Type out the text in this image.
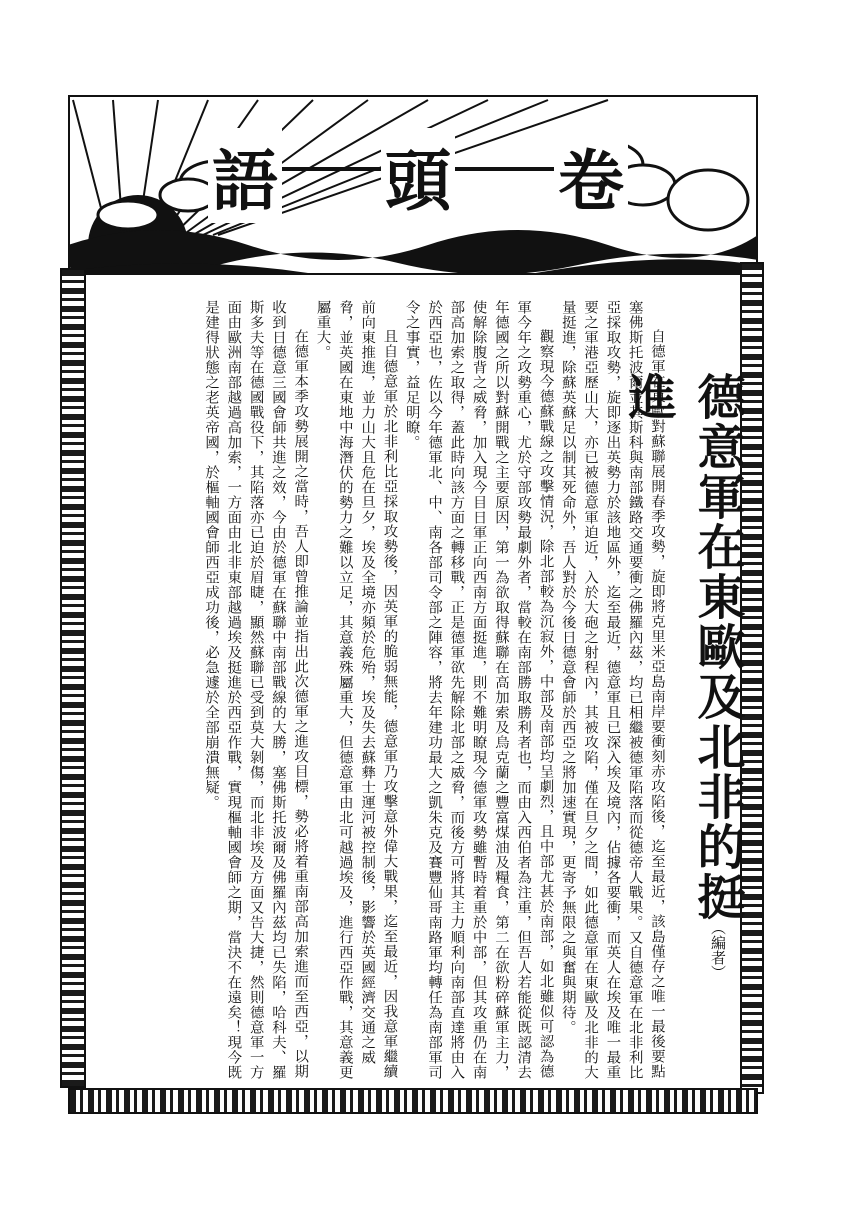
語 頭 卷
德意軍在東歐及北非的挺進
（編者）

自德軍在東歐對蘇聯展開春季攻勢，旋即將克里米亞島南岸要衝刻赤攻陷後，迄至最近，該島僅存之唯一最後要點塞佛斯托波爾並其斯科與南部鐵路交通要衝之佛羅內茲，均已相繼被德軍陷落而從德帝人戰果。又自德意軍在北非利比亞採取攻勢，旋即逐出英勢力於該地區外，迄至最近，德意軍且已深入埃及境內，佔據各要衝，而英人在埃及唯一最重要之軍港亞歷山大，亦已被德意軍迫近，入於大砲之射程內，其被攻陷，僅在旦夕之間，如此德意軍在東歐及北非的大量挺進，除蘇英蘇足以制其死命外，吾人對於今後日德意會師於西亞之將加速實現，更寄予無限之與奮與期待。

觀察現今德蘇戰線之攻擊情況，除北部較為沉寂外，中部及南部均呈劇烈，且中部尤甚於南部，如北雖似可認為德軍今年之攻勢重心，尤於守部攻勢最劇外者，當較在南部勝取勝利者也，而由入西伯者為注重，但吾人若能從既認清去年德國之所以對蘇開戰之主要原因，第一為欲取得蘇聯在高加索及烏克蘭之豐富煤油及糧食，第二在欲粉碎蘇軍主力，使解除腹背之威脅，加入現今目日軍正向西南方面挺進，則不難明瞭現今德軍攻勢雖暫時着重於中部，但其攻重仍在南部高加索之取得，蓋此時向該方面之轉移戰，正是德軍欲先解除北部之威脅，而後方可將其主力順利向南部直達將由入於西亞也，佐以今年德軍北、中、南各部司令部之陣容，將去年建功最大之凱朱克及賽豐仙哥南路軍均轉任為南部軍司令之事實，益足明瞭。

且自德意軍於北非利比亞採取攻勢後，因英軍的脆弱無能，德意軍乃攻擊意外偉大戰果，迄至最近，因我意軍繼續前向東推進，並力山大且危在旦夕，埃及全境亦頻於危殆，埃及失去蘇彝士運河被控制後，影響於英國經濟交通之威脅，並英國在東地中海潛伏的勢力之難以立足，其意義殊屬重大，但德意軍由北可越過埃及，進行西亞作戰，其意義更屬重大。

在德軍本季攻勢展開之當時，吾人即曾推論並指出此次德軍之進攻目標，勢必將着重南部高加索進而至西亞，以期收到日德意三國會師共進之效，今由於德軍在蘇聯中南部戰線的大勝，塞佛斯托波爾及佛羅內茲均已失陷，哈科夫、羅斯多夫等在德國戰役下，其陷落亦已迫於眉睫，顯然蘇聯已受到莫大剝傷，而北非埃及方面又告大捷，然則德意軍一方面由歐洲南部越過高加索，一方面由北非東部越過埃及挺進於西亞作戰，實現樞軸國會師之期，當決不在遠矣！現今既是建得狀態之老英帝國，於樞軸國會師西亞成功後，必急遽於全部崩潰無疑。
